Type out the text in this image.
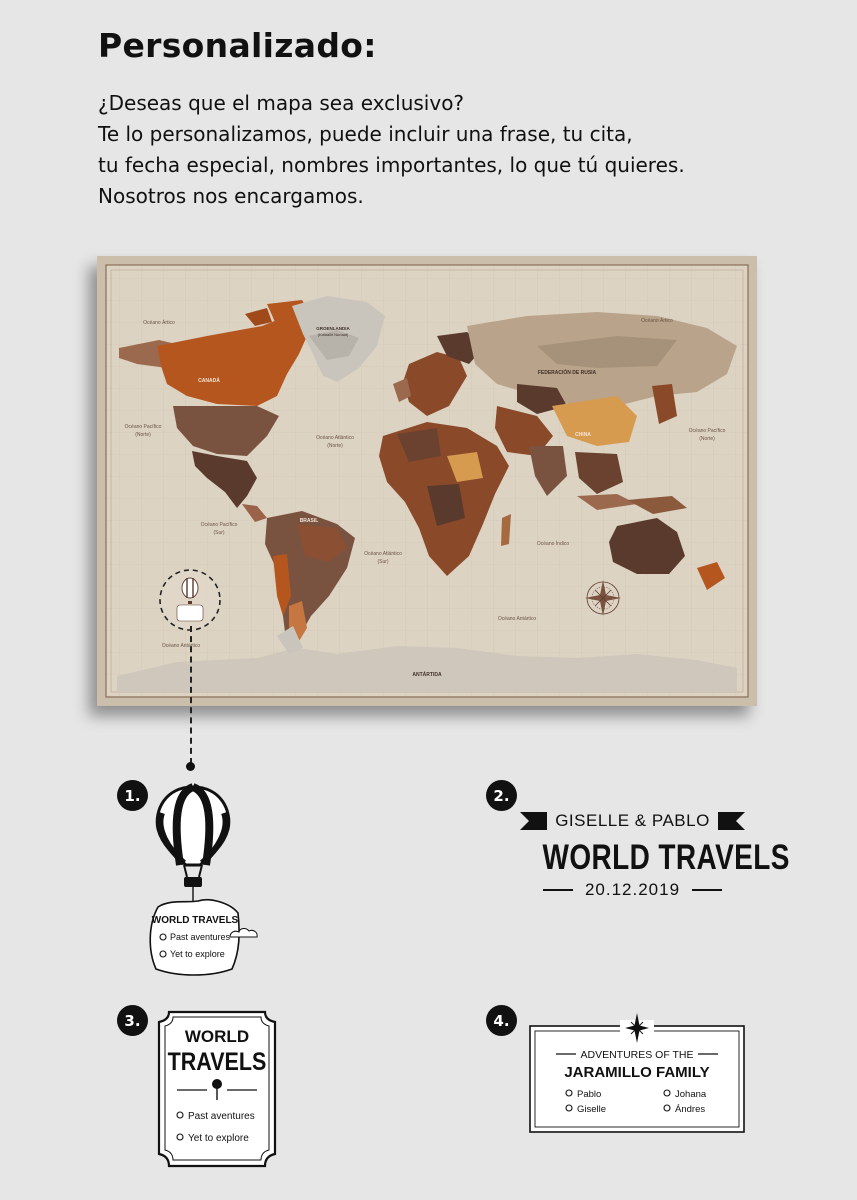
Personalizado:
¿Deseas que el mapa sea exclusivo?
Te lo personalizamos, puede incluir una frase, tu cita,
tu fecha especial, nombres importantes, lo que tú quieres.
Nosotros nos encargamos.
Océano Ártico	Océano Ártico
Océano Pacífico
(Norte)	Océano Atlántico
(Norte)
Océano Pacífico
(Norte)
Océano Pacífico
(Sur)
Océano Atlántico
(Sur)
Océano Índico
Océano Antártico
Océano Antártico
GROENLANDIA
(Kalaallit Nunaat)
CANADÁ
FEDERACIÓN DE RUSIA
CHINA
BRASIL
ANTÁRTIDA
1.
WORLD TRAVELS
Past aventures
Yet to explore
2.
GISELLE & PABLO
WORLD TRAVELS
20.12.2019
3.
WORLD
TRAVELS
Past aventures
Yet to explore
4.
ADVENTURES OF THE
JARAMILLO FAMILY
Pablo
Giselle
Johana
Ándres
